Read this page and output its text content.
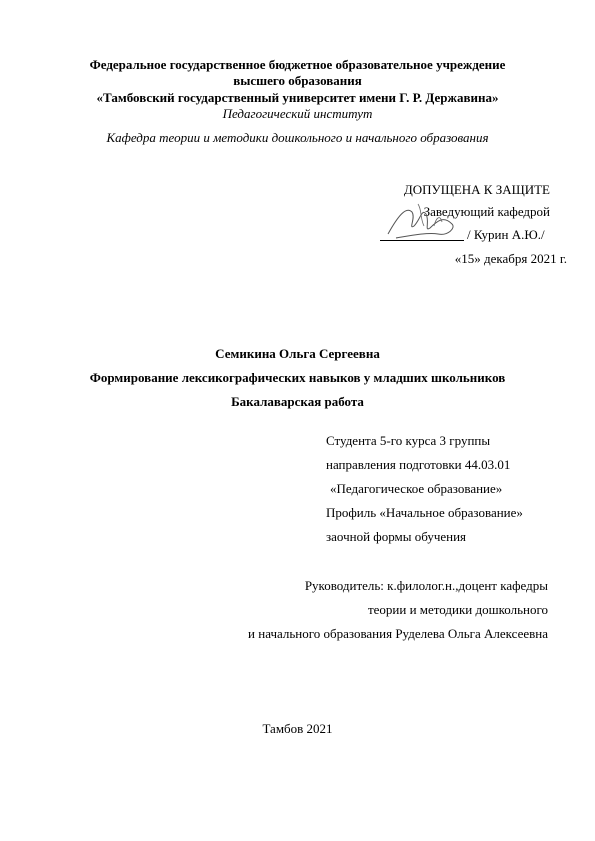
Федеральное государственное бюджетное образовательное учреждение
высшего образования
«Тамбовский государственный университет имени Г. Р. Державина»
Педагогический институт
Кафедра теории и методики дошкольного и начального образования
ДОПУЩЕНА К ЗАЩИТЕ
Заведующий кафедрой
/ Курин А.Ю./
«15» декабря 2021 г.
Семикина Ольга Сергеевна
Формирование лексикографических навыков у младших школьников
Бакалаварская работа
Студента 5-го курса 3 группы
направления подготовки 44.03.01
«Педагогическое образование»
Профиль «Начальное образование»
заочной формы обучения
Руководитель: к.филолог.н.,доцент кафедры
теории и методики дошкольного
и начального образования Руделева Ольга Алексеевна
Тамбов 2021
